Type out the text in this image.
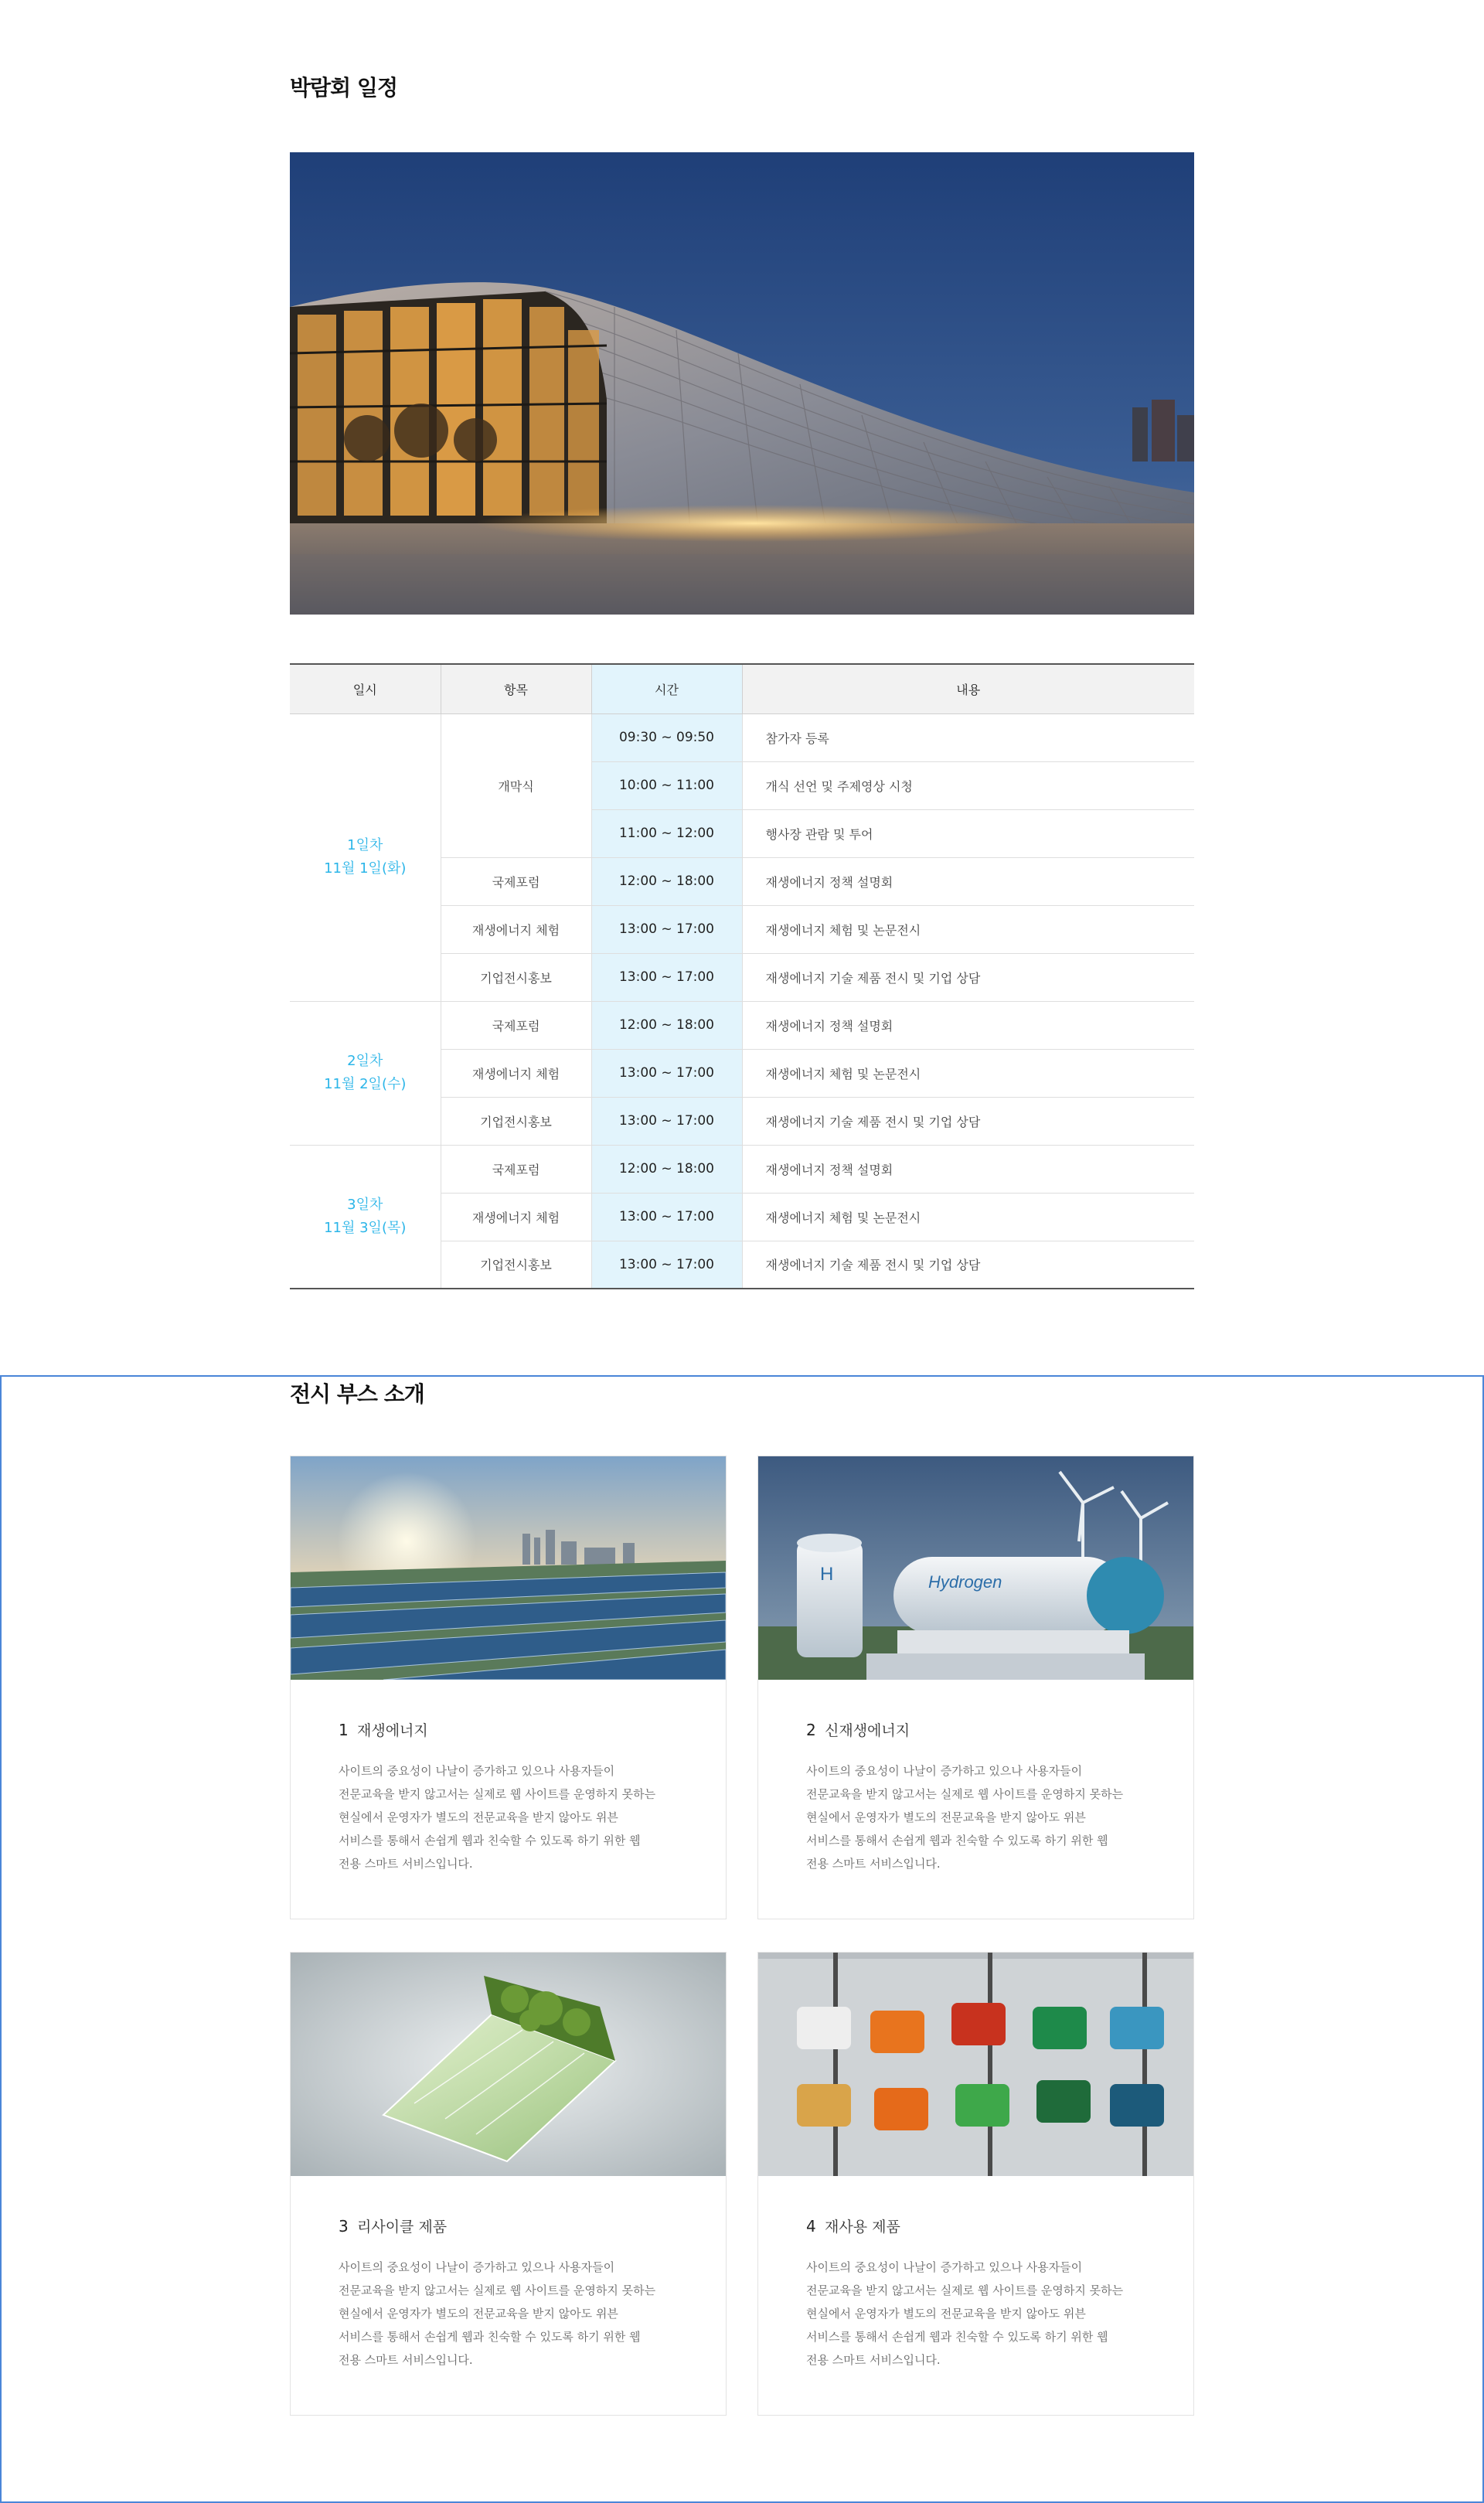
박람회 일정
일시	항목	시간	내용
1일차
11월 1일(화)	개막식	09:30 ~ 09:50	참가자 등록
		10:00 ~ 11:00	개식 선언 및 주제영상 시청
		11:00 ~ 12:00	행사장 관람 및 투어
	국제포럼	12:00 ~ 18:00	재생에너지 정책 설명회
	재생에너지 체험	13:00 ~ 17:00	재생에너지 체험 및 논문전시
	기업전시홍보	13:00 ~ 17:00	재생에너지 기술 제품 전시 및 기업 상담
2일차
11월 2일(수)	국제포럼	12:00 ~ 18:00	재생에너지 정책 설명회
	재생에너지 체험	13:00 ~ 17:00	재생에너지 체험 및 논문전시
	기업전시홍보	13:00 ~ 17:00	재생에너지 기술 제품 전시 및 기업 상담
3일차
11월 3일(목)	국제포럼	12:00 ~ 18:00	재생에너지 정책 설명회
	재생에너지 체험	13:00 ~ 17:00	재생에너지 체험 및 논문전시
	기업전시홍보	13:00 ~ 17:00	재생에너지 기술 제품 전시 및 기업 상담
전시 부스 소개
1 재생에너지

사이트의 중요성이 나날이 증가하고 있으나 사용자들이
전문교육을 받지 않고서는 실제로 웹 사이트를 운영하지 못하는
현실에서 운영자가 별도의 전문교육을 받지 않아도 위븐
서비스를 통해서 손쉽게 웹과 친숙할 수 있도록 하기 위한 웹
전용 스마트 서비스입니다.

H	Hydrogen
2 신재생에너지

사이트의 중요성이 나날이 증가하고 있으나 사용자들이
전문교육을 받지 않고서는 실제로 웹 사이트를 운영하지 못하는
현실에서 운영자가 별도의 전문교육을 받지 않아도 위븐
서비스를 통해서 손쉽게 웹과 친숙할 수 있도록 하기 위한 웹
전용 스마트 서비스입니다.

3 리사이클 제품

사이트의 중요성이 나날이 증가하고 있으나 사용자들이
전문교육을 받지 않고서는 실제로 웹 사이트를 운영하지 못하는
현실에서 운영자가 별도의 전문교육을 받지 않아도 위븐
서비스를 통해서 손쉽게 웹과 친숙할 수 있도록 하기 위한 웹
전용 스마트 서비스입니다.

4 재사용 제품

사이트의 중요성이 나날이 증가하고 있으나 사용자들이
전문교육을 받지 않고서는 실제로 웹 사이트를 운영하지 못하는
현실에서 운영자가 별도의 전문교육을 받지 않아도 위븐
서비스를 통해서 손쉽게 웹과 친숙할 수 있도록 하기 위한 웹
전용 스마트 서비스입니다.
